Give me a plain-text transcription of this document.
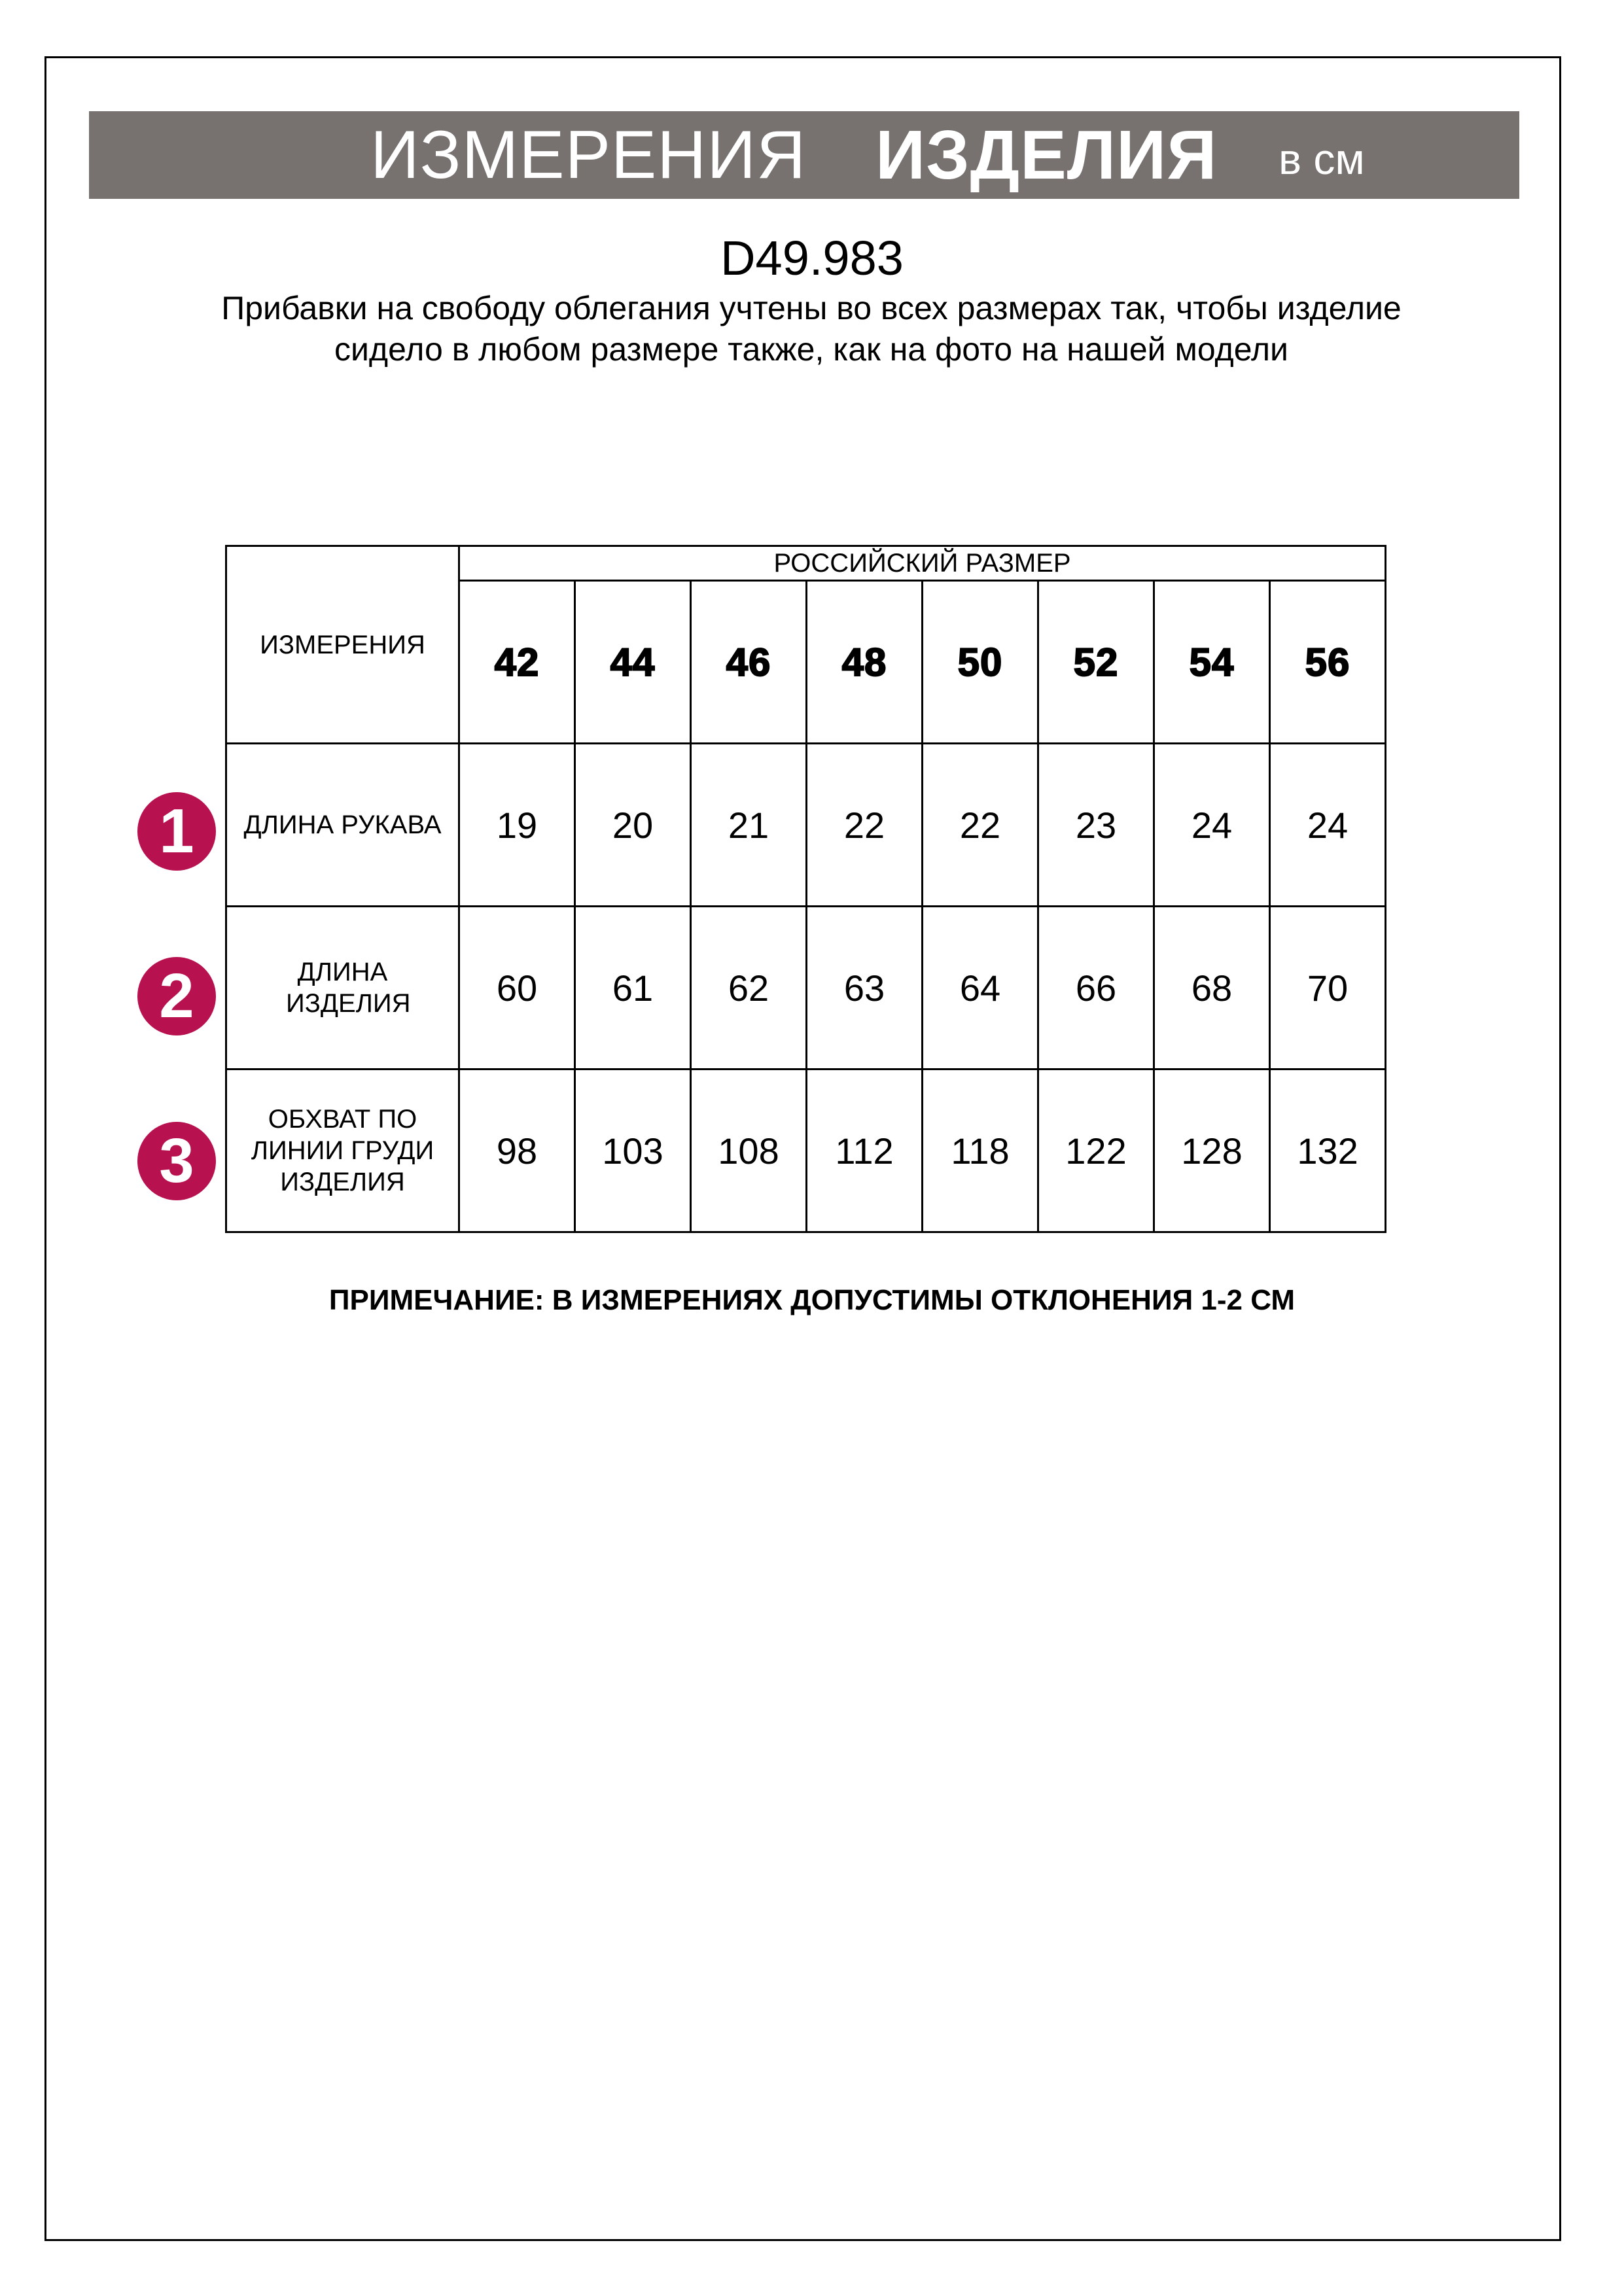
ИЗМЕРЕНИЯ ИЗДЕЛИЯ в см
D49.983
Прибавки на свободу облегания учтены во всех размерах так, чтобы изделие сидело в любом размере также, как на фото на нашей модели
ИЗМЕРЕНИЯ	РОССИЙСКИЙ РАЗМЕР							
	42	44	46	48	50	52	54	56
ДЛИНА РУКАВА	19	20	21	22	22	23	24	24
ДЛИНА ИЗДЕЛИЯ	60	61	62	63	64	66	68	70
ОБХВАТ ПО ЛИНИИ ГРУДИ ИЗДЕЛИЯ	98	103	108	112	118	122	128	132
1
2
3
ПРИМЕЧАНИЕ: В ИЗМЕРЕНИЯХ ДОПУСТИМЫ ОТКЛОНЕНИЯ 1-2 СМ
